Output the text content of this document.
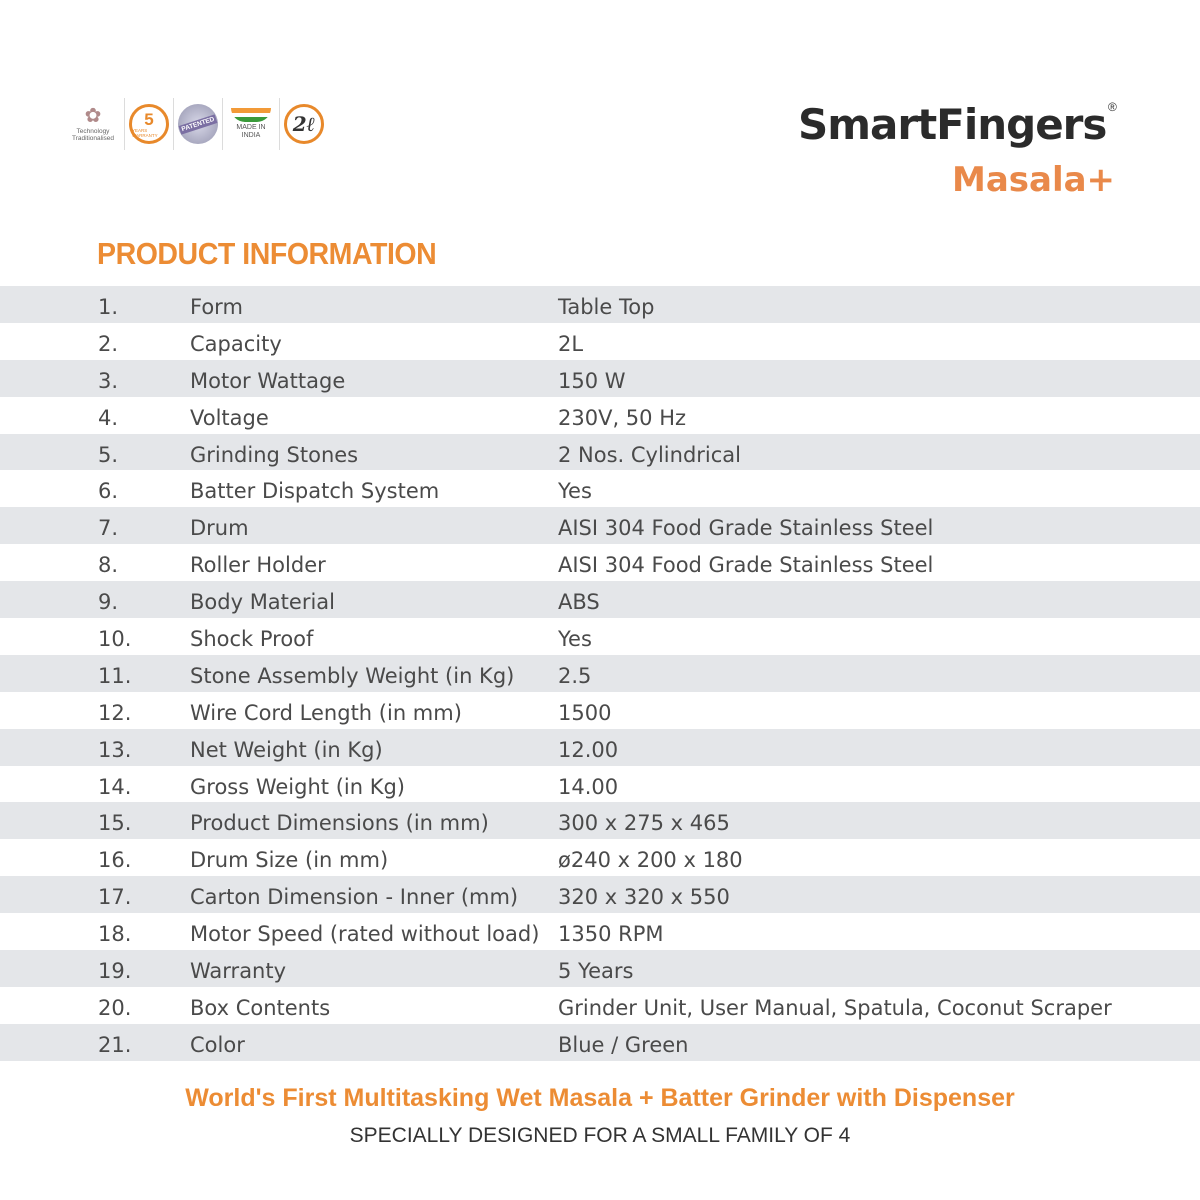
✿
Technology Traditionalised
5
YEARS WARRANTY
PATENTED	MADE IN INDIA	2ℓ	SmartFingers ®
Masala+
PRODUCT INFORMATION
1.	Form	Table Top
2.	Capacity	2L
3.	Motor Wattage	150 W
4.	Voltage	230V, 50 Hz
5.	Grinding Stones	2 Nos. Cylindrical
6.	Batter Dispatch System	Yes
7.	Drum	AISI 304 Food Grade Stainless Steel
8.	Roller Holder	AISI 304 Food Grade Stainless Steel
9.	Body Material	ABS
10.	Shock Proof	Yes
11.	Stone Assembly Weight (in Kg) 2.5
12.	Wire Cord Length (in mm)	1500
13.	Net Weight (in Kg)	12.00
14.	Gross Weight (in Kg)	14.00
15.	Product Dimensions (in mm)	300 x 275 x 465
16.	Drum Size (in mm)	ø240 x 200 x 180
17.	Carton Dimension - Inner (mm) 320 x 320 x 550
18.	Motor Speed (rated without load) 1350 RPM
19.	Warranty	5 Years
20.	Box Contents	Grinder Unit, User Manual, Spatula, Coconut Scraper
21.	Color	Blue / Green
World's First Multitasking Wet Masala + Batter Grinder with Dispenser
SPECIALLY DESIGNED FOR A SMALL FAMILY OF 4
